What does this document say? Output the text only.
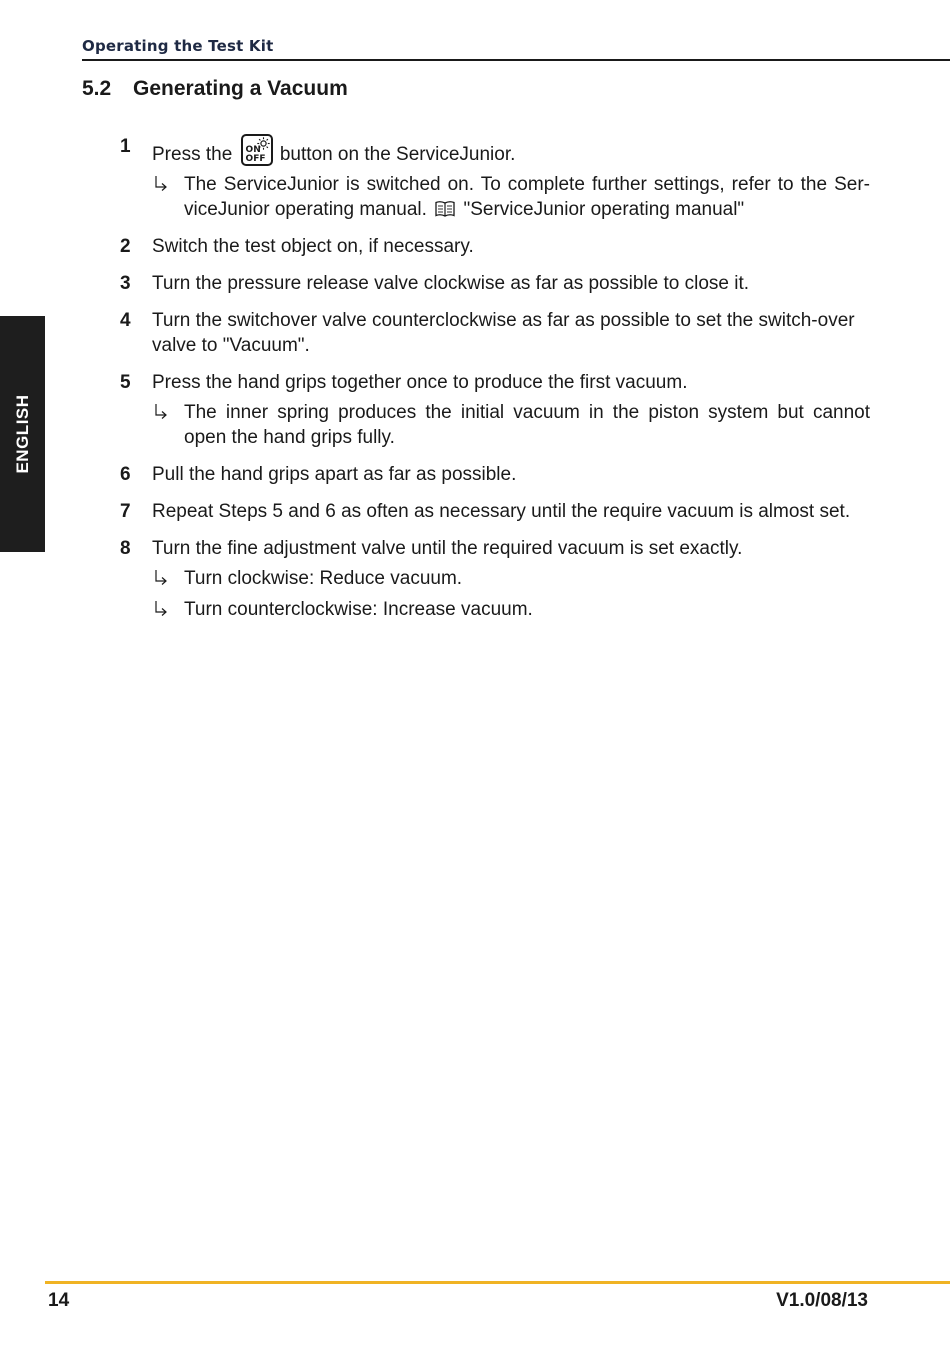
Operating the Test Kit
5.2 Generating a Vacuum
ENGLISH
1 Press the ON
OFF button on the ServiceJunior.
The ServiceJunior is switched on. To complete further settings, refer to the ServiceJunior operating manual. "ServiceJunior operating manual"
2 Switch the test object on, if necessary.
3 Turn the pressure release valve clockwise as far as possible to close it.
4 Turn the switchover valve counterclockwise as far as possible to set the switch-over valve to "Vacuum".
5 Press the hand grips together once to produce the first vacuum.
The inner spring produces the initial vacuum in the piston system but cannot open the hand grips fully.
6 Pull the hand grips apart as far as possible.
7 Repeat Steps 5 and 6 as often as necessary until the require vacuum is almost set.
8 Turn the fine adjustment valve until the required vacuum is set exactly.
Turn clockwise: Reduce vacuum.
Turn counterclockwise: Increase vacuum.
14	V1.0/08/13
